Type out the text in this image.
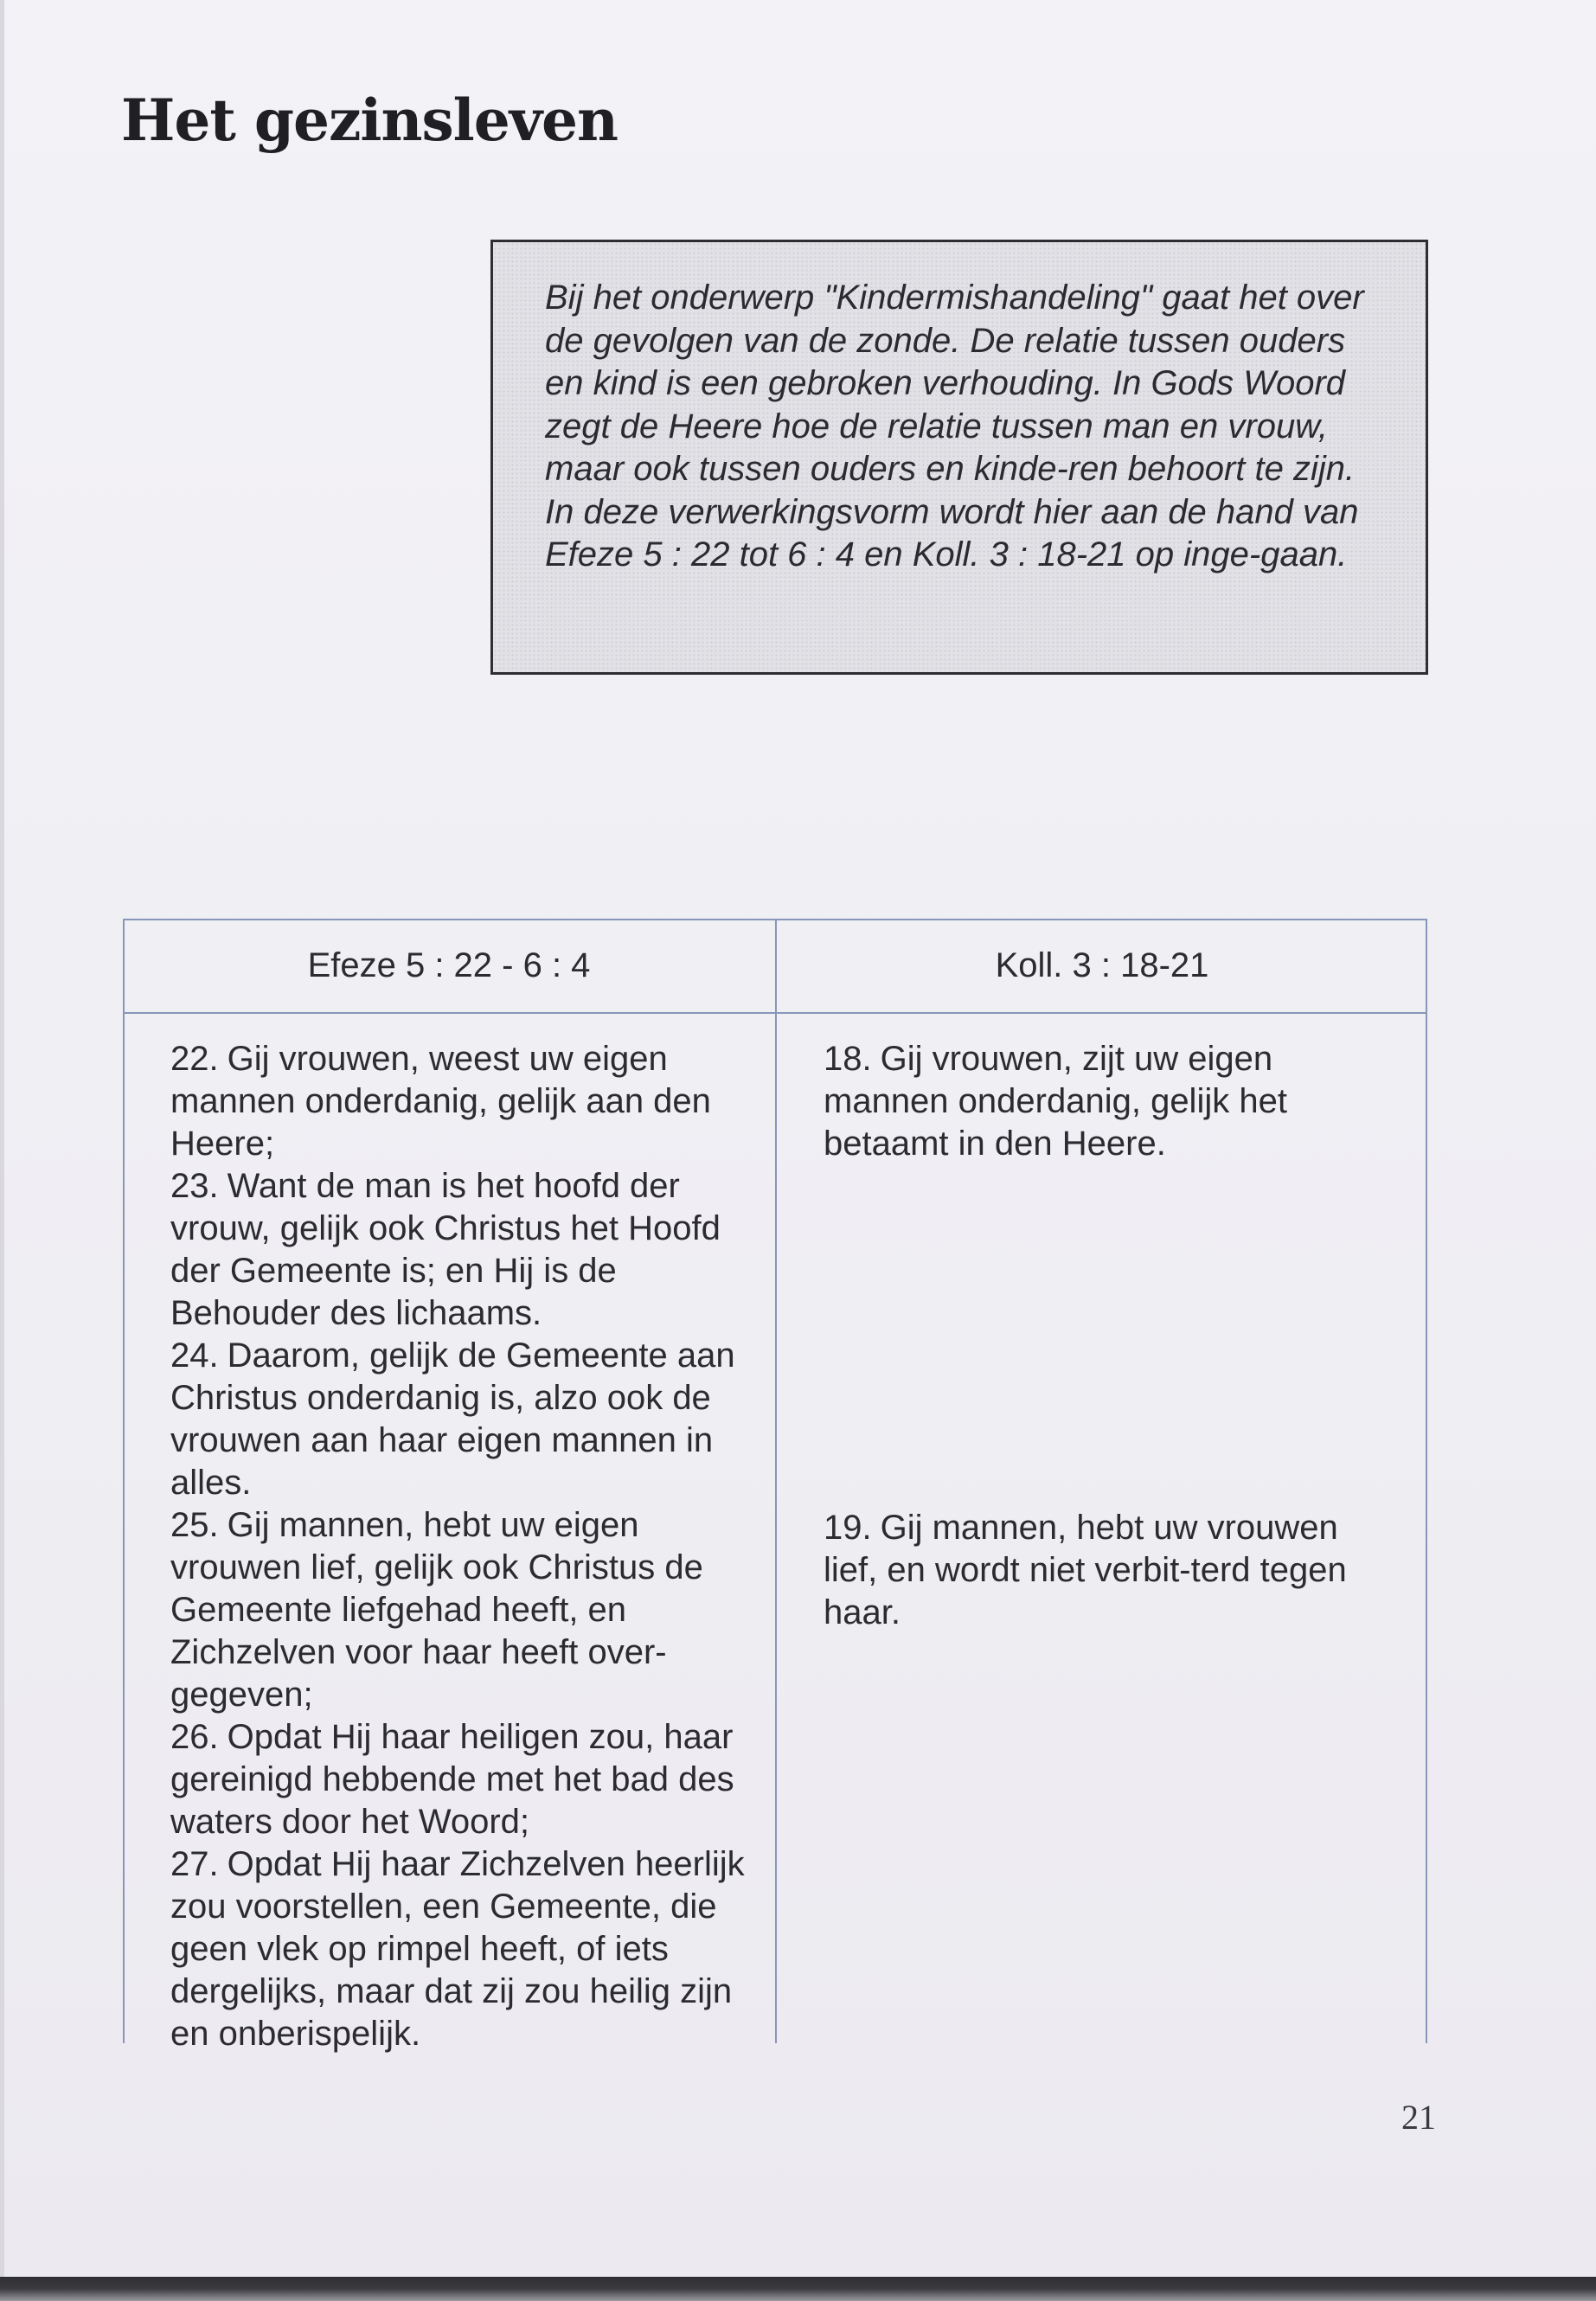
Het gezinsleven

Bij het onderwerp "Kindermishandeling" gaat het over de gevolgen van de zonde. De relatie tussen ouders en kind is een gebroken verhouding. In Gods Woord zegt de Heere hoe de relatie tussen man en vrouw, maar ook tussen ouders en kinde-ren behoort te zijn.

In deze verwerkingsvorm wordt hier aan de hand van Efeze 5 : 22 tot 6 : 4 en Koll. 3 : 18-21 op inge-gaan.

Efeze 5 : 22 - 6 : 4	Koll. 3 : 18-21

22. Gij vrouwen, weest uw eigen mannen onderdanig, gelijk aan den Heere;

23. Want de man is het hoofd der vrouw, gelijk ook Christus het Hoofd der Gemeente is; en Hij is de Behouder des lichaams.

24. Daarom, gelijk de Gemeente aan Christus onderdanig is, alzo ook de vrouwen aan haar eigen mannen in alles.

25. Gij mannen, hebt uw eigen vrouwen lief, gelijk ook Christus de Gemeente liefgehad heeft, en Zichzelven voor haar heeft over-gegeven;

26. Opdat Hij haar heiligen zou, haar gereinigd hebbende met het bad des waters door het Woord;

27. Opdat Hij haar Zichzelven heerlijk zou voorstellen, een Gemeente, die geen vlek op rimpel heeft, of iets dergelijks, maar dat zij zou heilig zijn en onberispelijk.

18. Gij vrouwen, zijt uw eigen mannen onderdanig, gelijk het betaamt in den Heere.

19. Gij mannen, hebt uw vrouwen lief, en wordt niet verbit-terd tegen haar.

21
